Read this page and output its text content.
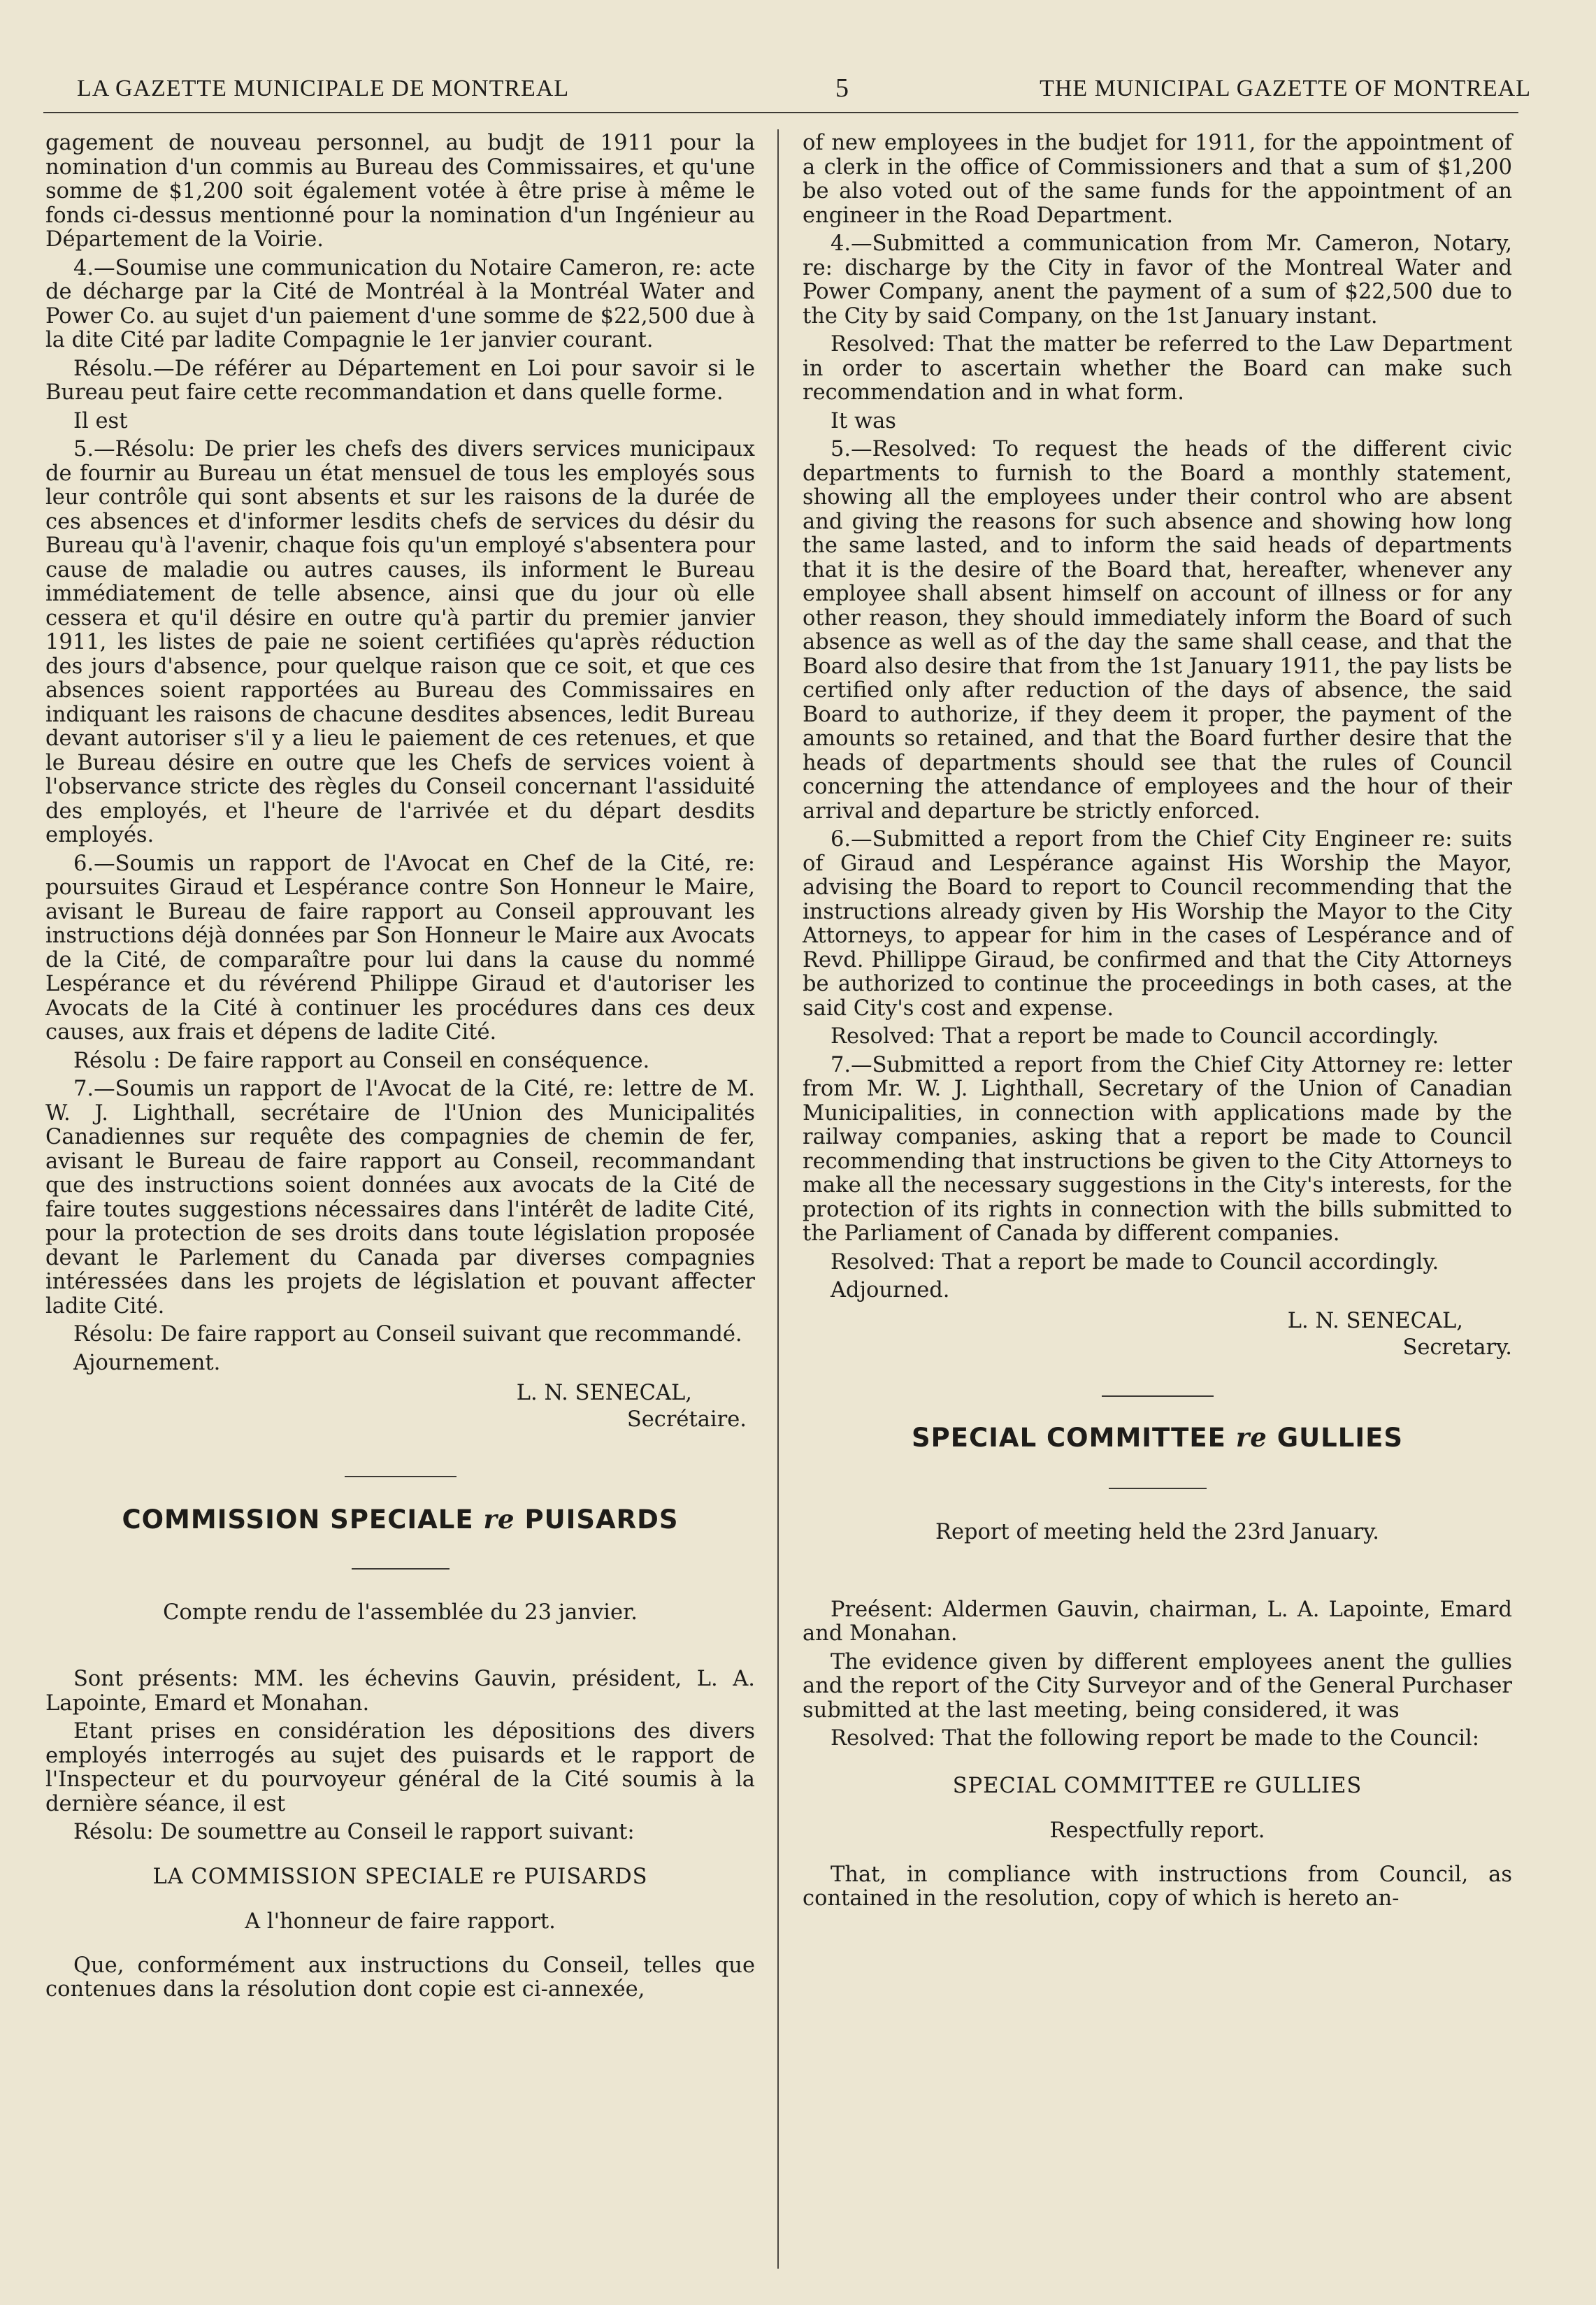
LA GAZETTE MUNICIPALE DE MONTREAL	5	THE MUNICIPAL GAZETTE OF MONTREAL

gagement de nouveau personnel, au budjt de 1911 pour la nomination d'un commis au Bureau des Commissaires, et qu'une somme de $1,200 soit également votée à être prise à même le fonds ci-dessus mentionné pour la nomination d'un Ingénieur au Département de la Voirie.

4.—Soumise une communication du Notaire Cameron, re: acte de décharge par la Cité de Montréal à la Montréal Water and Power Co. au sujet d'un paiement d'une somme de $22,500 due à la dite Cité par ladite Compagnie le 1er janvier courant.

Résolu.—De référer au Département en Loi pour savoir si le Bureau peut faire cette recommandation et dans quelle forme.

Il est

5.—Résolu: De prier les chefs des divers services municipaux de fournir au Bureau un état mensuel de tous les employés sous leur contrôle qui sont absents et sur les raisons de la durée de ces absences et d'informer lesdits chefs de services du désir du Bureau qu'à l'avenir, chaque fois qu'un employé s'absentera pour cause de maladie ou autres causes, ils informent le Bureau immédiatement de telle absence, ainsi que du jour où elle cessera et qu'il désire en outre qu'à partir du premier janvier 1911, les listes de paie ne soient certifiées qu'après réduction des jours d'absence, pour quelque raison que ce soit, et que ces absences soient rapportées au Bureau des Commissaires en indiquant les raisons de chacune desdites absences, ledit Bureau devant autoriser s'il y a lieu le paiement de ces retenues, et que le Bureau désire en outre que les Chefs de services voient à l'observance stricte des règles du Conseil concernant l'assiduité des employés, et l'heure de l'arrivée et du départ desdits employés.

6.—Soumis un rapport de l'Avocat en Chef de la Cité, re: poursuites Giraud et Lespérance contre Son Honneur le Maire, avisant le Bureau de faire rapport au Conseil approuvant les instructions déjà données par Son Honneur le Maire aux Avocats de la Cité, de comparaître pour lui dans la cause du nommé Lespérance et du révérend Philippe Giraud et d'autoriser les Avocats de la Cité à continuer les procédures dans ces deux causes, aux frais et dépens de ladite Cité.

Résolu : De faire rapport au Conseil en conséquence.

7.—Soumis un rapport de l'Avocat de la Cité, re: lettre de M. W. J. Lighthall, secrétaire de l'Union des Municipalités Canadiennes sur requête des compagnies de chemin de fer, avisant le Bureau de faire rapport au Conseil, recommandant que des instructions soient données aux avocats de la Cité de faire toutes suggestions nécessaires dans l'intérêt de ladite Cité, pour la protection de ses droits dans toute législation proposée devant le Parlement du Canada par diverses compagnies intéressées dans les projets de législation et pouvant affecter ladite Cité.

Résolu: De faire rapport au Conseil suivant que recommandé.

Ajournement.

L. N. SENECAL,
Secrétaire.

COMMISSION SPECIALE re PUISARDS

Compte rendu de l'assemblée du 23 janvier.

Sont présents: MM. les échevins Gauvin, président, L. A. Lapointe, Emard et Monahan.

Etant prises en considération les dépositions des divers employés interrogés au sujet des puisards et le rapport de l'Inspecteur et du pourvoyeur général de la Cité soumis à la dernière séance, il est

Résolu: De soumettre au Conseil le rapport suivant:

LA COMMISSION SPECIALE re PUISARDS

A l'honneur de faire rapport.

Que, conformément aux instructions du Conseil, telles que contenues dans la résolution dont copie est ci-annexée,

of new employees in the budjet for 1911, for the appointment of a clerk in the office of Commissioners and that a sum of $1,200 be also voted out of the same funds for the appointment of an engineer in the Road Department.

4.—Submitted a communication from Mr. Cameron, Notary, re: discharge by the City in favor of the Montreal Water and Power Company, anent the payment of a sum of $22,500 due to the City by said Company, on the 1st January instant.

Resolved: That the matter be referred to the Law Department in order to ascertain whether the Board can make such recommendation and in what form.

It was

5.—Resolved: To request the heads of the different civic departments to furnish to the Board a monthly statement, showing all the employees under their control who are absent and giving the reasons for such absence and showing how long the same lasted, and to inform the said heads of departments that it is the desire of the Board that, hereafter, whenever any employee shall absent himself on account of illness or for any other reason, they should immediately inform the Board of such absence as well as of the day the same shall cease, and that the Board also desire that from the 1st January 1911, the pay lists be certified only after reduction of the days of absence, the said Board to authorize, if they deem it proper, the payment of the amounts so retained, and that the Board further desire that the heads of departments should see that the rules of Council concerning the attendance of employees and the hour of their arrival and departure be strictly enforced.

6.—Submitted a report from the Chief City Engineer re: suits of Giraud and Lespérance against His Worship the Mayor, advising the Board to report to Council recommending that the instructions already given by His Worship the Mayor to the City Attorneys, to appear for him in the cases of Lespérance and of Revd. Phillippe Giraud, be confirmed and that the City Attorneys be authorized to continue the proceedings in both cases, at the said City's cost and expense.

Resolved: That a report be made to Council accordingly.

7.—Submitted a report from the Chief City Attorney re: letter from Mr. W. J. Lighthall, Secretary of the Union of Canadian Municipalities, in connection with applications made by the railway companies, asking that a report be made to Council recommending that instructions be given to the City Attorneys to make all the necessary suggestions in the City's interests, for the protection of its rights in connection with the bills submitted to the Parliament of Canada by different companies.

Resolved: That a report be made to Council accordingly.

Adjourned.

L. N. SENECAL,
Secretary.

SPECIAL COMMITTEE re GULLIES

Report of meeting held the 23rd January.

Preésent: Aldermen Gauvin, chairman, L. A. Lapointe, Emard and Monahan.

The evidence given by different employees anent the gullies and the report of the City Surveyor and of the General Purchaser submitted at the last meeting, being considered, it was

Resolved: That the following report be made to the Council:

SPECIAL COMMITTEE re GULLIES

Respectfully report.

That, in compliance with instructions from Council, as contained in the resolution, copy of which is hereto an-
